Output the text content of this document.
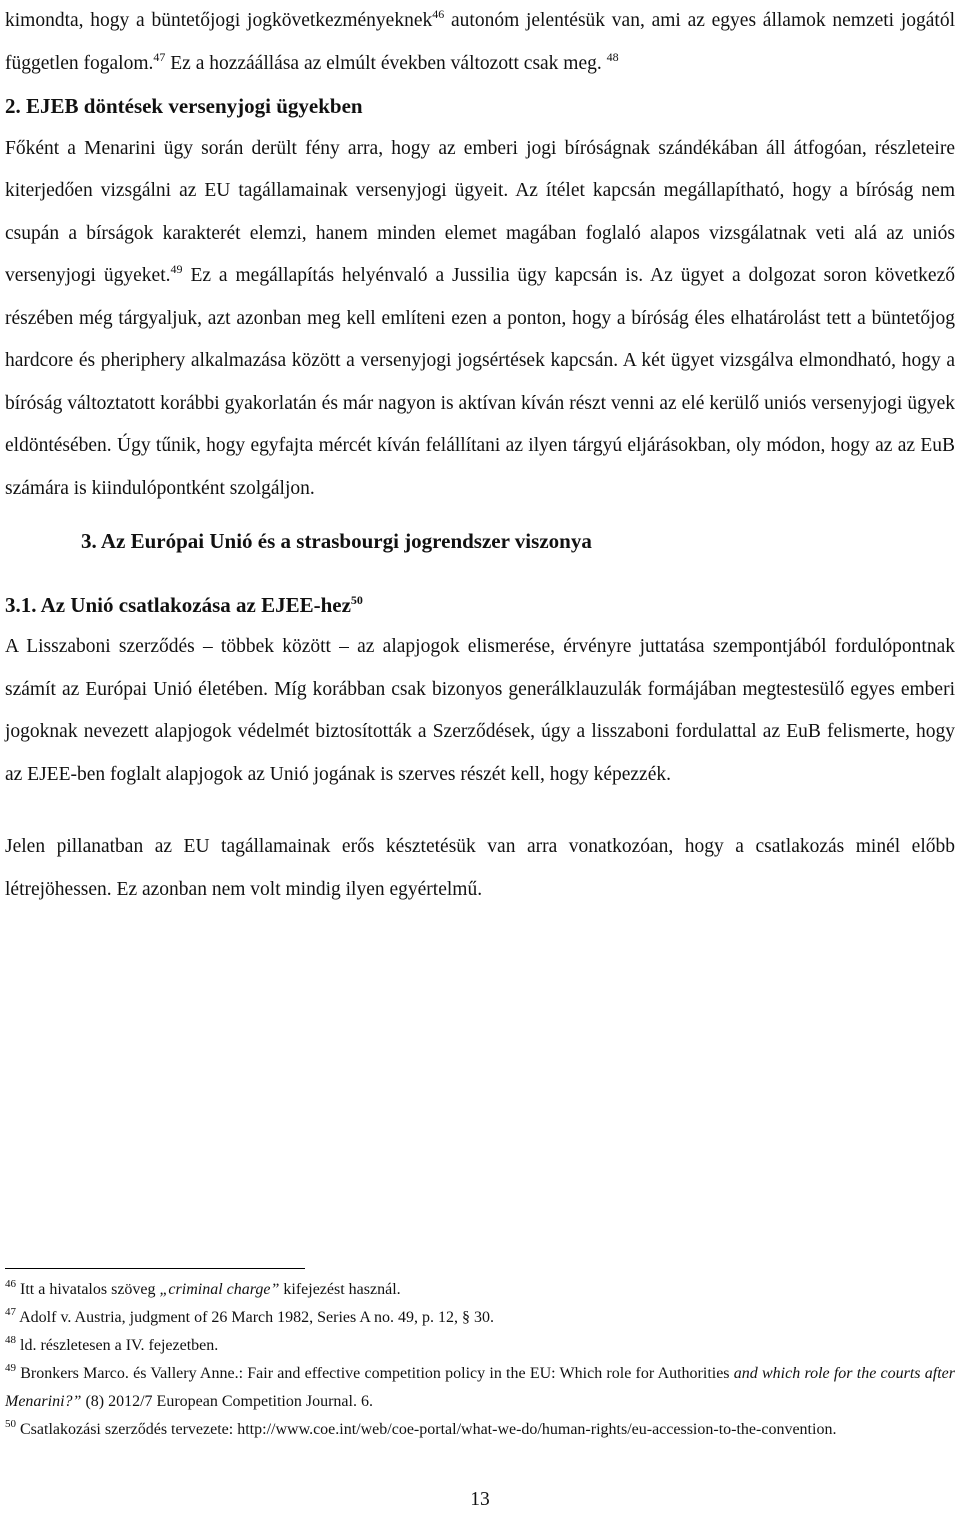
kimondta, hogy a büntetőjogi jogkövetkezményeknek$^{46}$ autonóm jelentésük van, ami az egyes államok nemzeti jogától független fogalom.$^{47}$ Ez a hozzáállása az elmúlt években változott csak meg. $^{48}$

2. EJEB döntések versenyjogi ügyekben

Főként a Menarini ügy során derült fény arra, hogy az emberi jogi bíróságnak szándékában áll átfogóan, részleteire kiterjedően vizsgálni az EU tagállamainak versenyjogi ügyeit. Az ítélet kapcsán megállapítható, hogy a bíróság nem csupán a bírságok karakterét elemzi, hanem minden elemet magában foglaló alapos vizsgálatnak veti alá az uniós versenyjogi ügyeket.$^{49}$ Ez a megállapítás helyénvaló a Jussilia ügy kapcsán is. Az ügyet a dolgozat soron következő részében még tárgyaljuk, azt azonban meg kell említeni ezen a ponton, hogy a bíróság éles elhatárolást tett a büntetőjog hardcore és pheriphery alkalmazása között a versenyjogi jogsértések kapcsán. A két ügyet vizsgálva elmondható, hogy a bíróság változtatott korábbi gyakorlatán és már nagyon is aktívan kíván részt venni az elé kerülő uniós versenyjogi ügyek eldöntésében. Úgy tűnik, hogy egyfajta mércét kíván felállítani az ilyen tárgyú eljárásokban, oly módon, hogy az az EuB számára is kiindulópontként szolgáljon.

3. Az Európai Unió és a strasbourgi jogrendszer viszonya

3.1. Az Unió csatlakozása az EJEE-hez$^{50}$

A Lisszaboni szerződés – többek között – az alapjogok elismerése, érvényre juttatása szempontjából fordulópontnak számít az Európai Unió életében. Míg korábban csak bizonyos generálklauzulák formájában megtestesülő egyes emberi jogoknak nevezett alapjogok védelmét biztosították a Szerződések, úgy a lisszaboni fordulattal az EuB felismerte, hogy az EJEE-ben foglalt alapjogok az Unió jogának is szerves részét kell, hogy képezzék.

Jelen pillanatban az EU tagállamainak erős késztetésük van arra vonatkozóan, hogy a csatlakozás minél előbb létrejöhessen. Ez azonban nem volt mindig ilyen egyértelmű.

$^{46}$ Itt a hivatalos szöveg „criminal charge” kifejezést használ.

$^{47}$ Adolf v. Austria, judgment of 26 March 1982, Series A no. 49, p. 12, § 30.

$^{48}$ ld. részletesen a IV. fejezetben.

$^{49}$ Bronkers Marco. és Vallery Anne.: Fair and effective competition policy in the EU: Which role for Authorities and which role for the courts after Menarini?” (8) 2012/7 European Competition Journal. 6.

$^{50}$ Csatlakozási szerződés tervezete: http://www.coe.int/web/coe-portal/what-we-do/human-rights/eu-accession-to-the-convention.

13
